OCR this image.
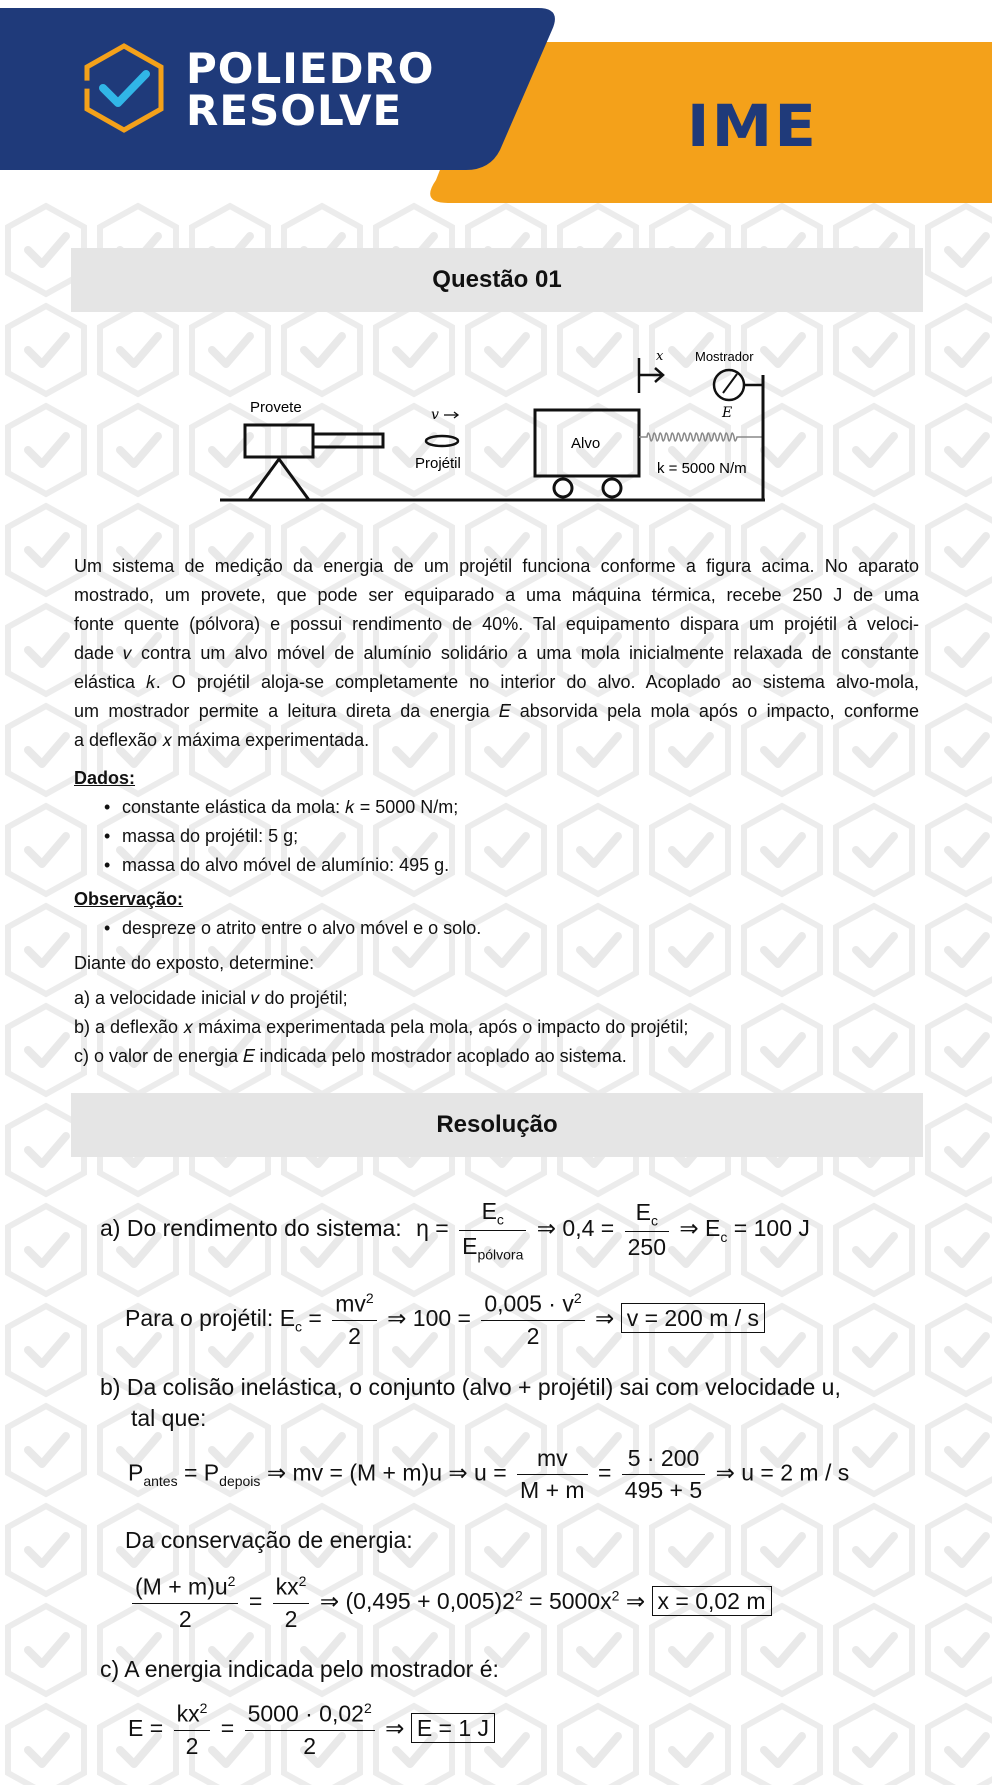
POLIEDRO
RESOLVE	IME
Questão 01
Provete	v
Projétil
Alvo
Mostrador
E
x
k = 5000 N/m
Um sistema de medição da energia de um projétil funciona conforme a figura acima. No aparato
mostrado, um provete, que pode ser equiparado a uma máquina térmica, recebe 250 J de uma
fonte quente (pólvora) e possui rendimento de 40%. Tal equipamento dispara um projétil à veloci-
dade 𝑣 contra um alvo móvel de alumínio solidário a uma mola inicialmente relaxada de constante
elástica 𝑘. O projétil aloja-se completamente no interior do alvo. Acoplado ao sistema alvo-mola,
um mostrador permite a leitura direta da energia 𝐸 absorvida pela mola após o impacto, conforme
a deflexão 𝑥 máxima experimentada.
Dados:
• constante elástica da mola: 𝑘 = 5000 N/m;
• massa do projétil: 5 g;
• massa do alvo móvel de alumínio: 495 g.
Observação:
• despreze o atrito entre o alvo móvel e o solo.
Diante do exposto, determine:
a) a velocidade inicial 𝑣 do projétil;
b) a deflexão 𝑥 máxima experimentada pela mola, após o impacto do projétil;
c) o valor de energia 𝐸 indicada pelo mostrador acoplado ao sistema.
Resolução
a) Do rendimento do sistema: $\eta = \frac{E_c}{E_{pólvora}}$ ⇒ $0,4 = \frac{E_c}{250}$ ⇒ $E_c = 100$ J
Para o projétil: $E_c = \frac{mv^2}{2}$ ⇒ $100 = \frac{0,005 \cdot v^2}{2}$ ⇒ v = 200 m / s
b) Da colisão inelástica, o conjunto (alvo + projétil) sai com velocidade u,
tal que:
$P_{antes} = P_{depois}$ ⇒ mv = (M + m)u ⇒ $u = \frac{mv}{M + m} = \frac{5 \cdot 200}{495 + 5}$ ⇒ u = 2 m / s
Da conservação de energia:
$\frac{(M + m)u^2}{2} = \frac{kx^2}{2}$ ⇒ $(0,495 + 0,005)2^2 = 5000x^2$ ⇒ x = 0,02 m
c) A energia indicada pelo mostrador é:
$E = \frac{kx^2}{2} = \frac{5000 \cdot 0,02^2}{2}$ ⇒ E = 1 J
